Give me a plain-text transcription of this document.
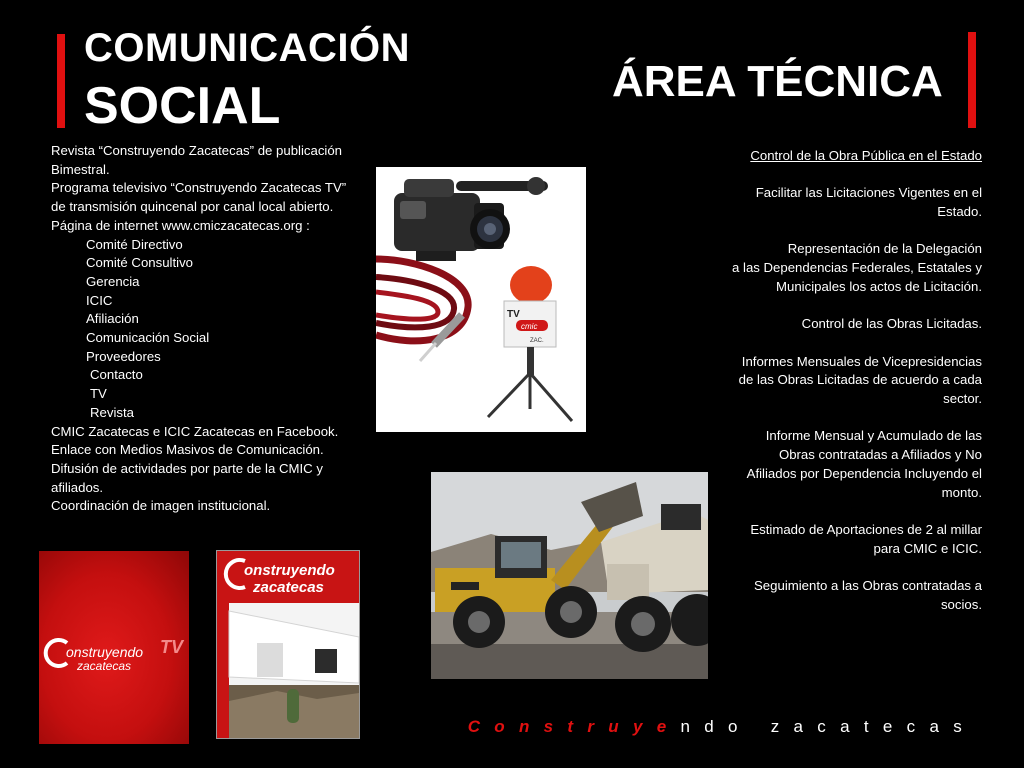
COMUNICACIÓN
SOCIAL	ÁREA TÉCNICA
Revista “Construyendo Zacatecas” de publicación
Bimestral.
Programa televisivo “Construyendo Zacatecas TV”
de transmisión quincenal por canal local abierto.
Página de internet www.cmiczacatecas.org :
Comité Directivo
Comité Consultivo
Gerencia
ICIC
Afiliación
Comunicación Social
Proveedores
Contacto
TV
Revista
CMIC Zacatecas e ICIC Zacatecas en Facebook.
Enlace con Medios Masivos de Comunicación.
Difusión de actividades por parte de la CMIC y
afiliados.
Coordinación de imagen institucional.
Control de la Obra Pública en el Estado
Facilitar las Licitaciones Vigentes en el
Estado.
Representación de la Delegación
a las Dependencias Federales, Estatales y
Municipales los actos de Licitación.
Control de las Obras Licitadas.
Informes Mensuales de Vicepresidencias
de las Obras Licitadas de acuerdo a cada
sector.
Informe Mensual y Acumulado de las
Obras contratadas a Afiliados y No
Afiliados por Dependencia Incluyendo el
monto.
Estimado de Aportaciones de 2 al millar
para CMIC e ICIC.
Seguimiento a las Obras contratadas a
socios.
TV
cmic
ZAC.
onstruyendo
zacatecas
TV
onstruyendo
zacatecas
Construyendo zacatecas
